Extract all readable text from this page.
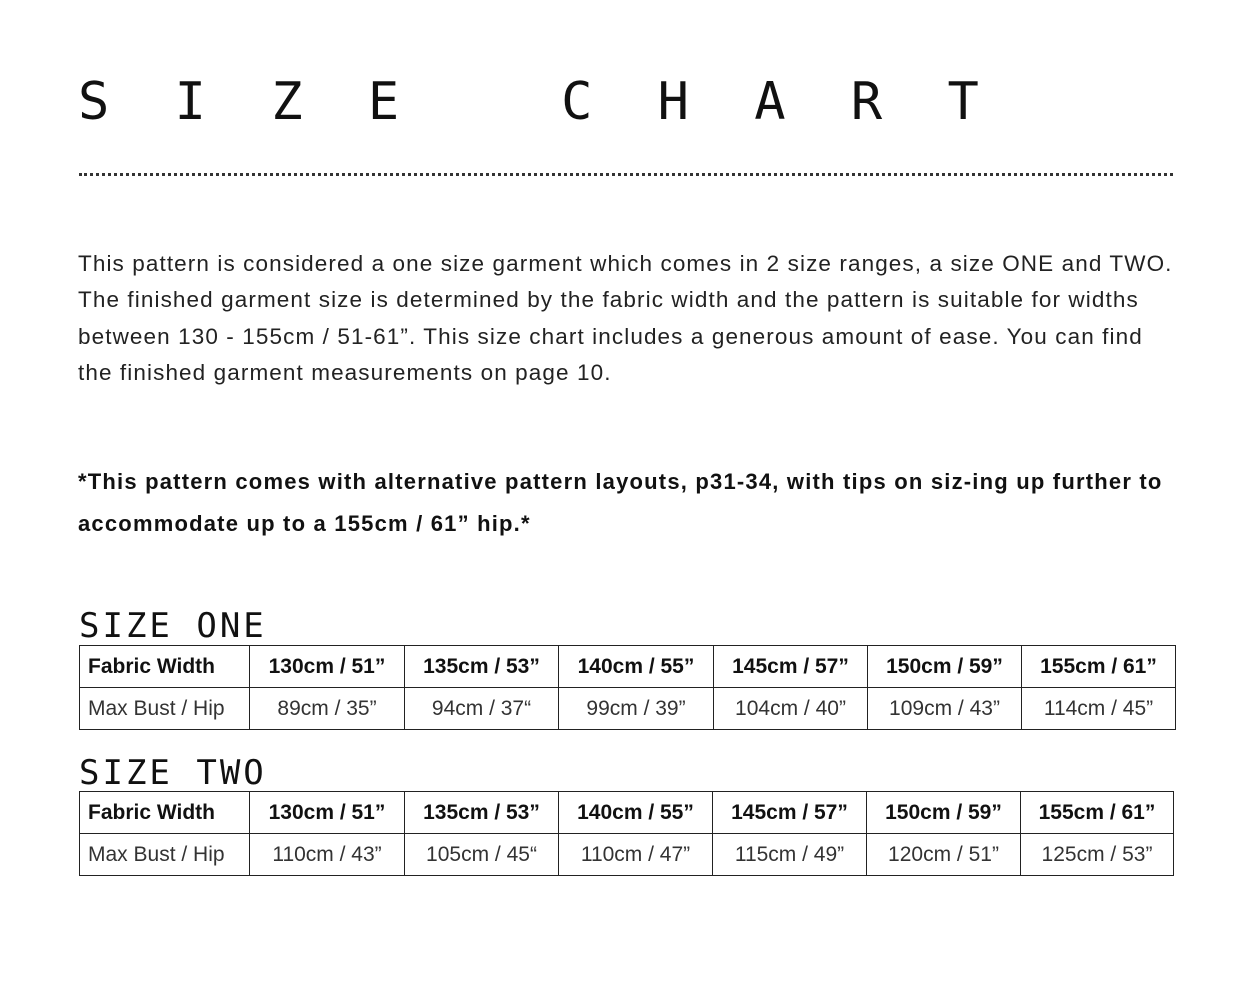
S I Z E   C H A R T

This pattern is considered a one size garment which comes in 2 size ranges, a size ONE and TWO. The finished garment size is determined by the fabric width and the pattern is suitable for widths between 130 - 155cm / 51-61”. This size chart includes a generous amount of ease. You can find the finished garment measurements on page 10.

*This pattern comes with alternative pattern layouts, p31-34, with tips on siz-ing up further to accommodate up to a 155cm / 61” hip.*

SIZE ONE
Fabric Width	130cm / 51”	135cm / 53”	140cm / 55”	145cm / 57”	150cm / 59”	155cm / 61”
Max Bust / Hip	89cm / 35”	94cm / 37“	99cm / 39”	104cm / 40”	109cm / 43”	114cm / 45”
SIZE TWO
Fabric Width	130cm / 51”	135cm / 53”	140cm / 55”	145cm / 57”	150cm / 59”	155cm / 61”
Max Bust / Hip	110cm / 43”	105cm / 45“	110cm / 47”	115cm / 49”	120cm / 51”	125cm / 53”
